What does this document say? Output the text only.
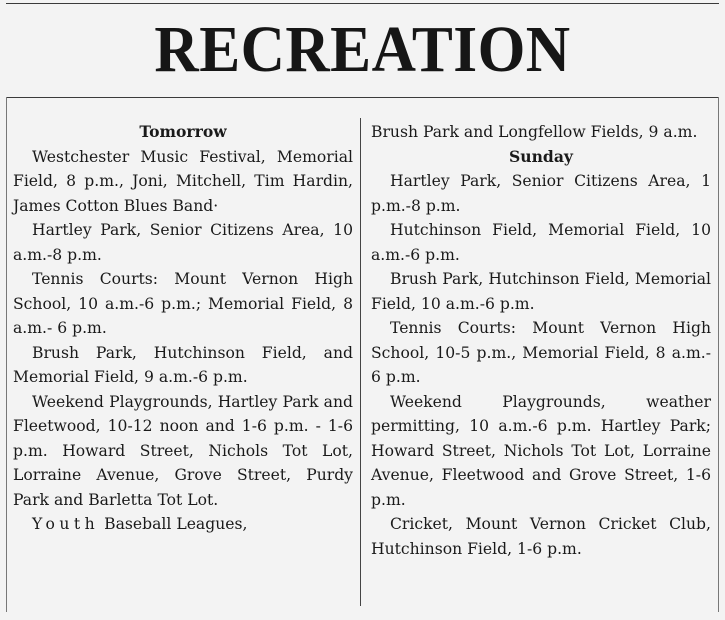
RECREATION
Tomorrow

Westchester Music Festival, Memorial Field, 8 p.m., Joni, Mitchell, Tim Hardin, James Cotton Blues Band·

Hartley Park, Senior Citizens Area, 10 a.m.-8 p.m.

Tennis Courts: Mount Vernon High School, 10 a.m.-6 p.m.; Memorial Field, 8 a.m.- 6 p.m.

Brush Park, Hutchinson Field, and Memorial Field, 9 a.m.-6 p.m.

Weekend Playgrounds, Hartley Park and Fleetwood, 10-12 noon and 1-6 p.m. - 1-6 p.m. Howard Street, Nichols Tot Lot, Lorraine Avenue, Grove Street, Purdy Park and Barletta Tot Lot.

Youth Baseball Leagues,

Brush Park and Longfellow Fields, 9 a.m.

Sunday

Hartley Park, Senior Citizens Area, 1 p.m.-8 p.m.

Hutchinson Field, Memorial Field, 10 a.m.-6 p.m.

Brush Park, Hutchinson Field, Memorial Field, 10 a.m.-6 p.m.

Tennis Courts: Mount Vernon High School, 10-5 p.m., Memorial Field, 8 a.m.- 6 p.m.

Weekend Playgrounds, weather permitting, 10 a.m.-6 p.m. Hartley Park; Howard Street, Nichols Tot Lot, Lorraine Avenue, Fleetwood and Grove Street, 1-6 p.m.

Cricket, Mount Vernon Cricket Club, Hutchinson Field, 1-6 p.m.
